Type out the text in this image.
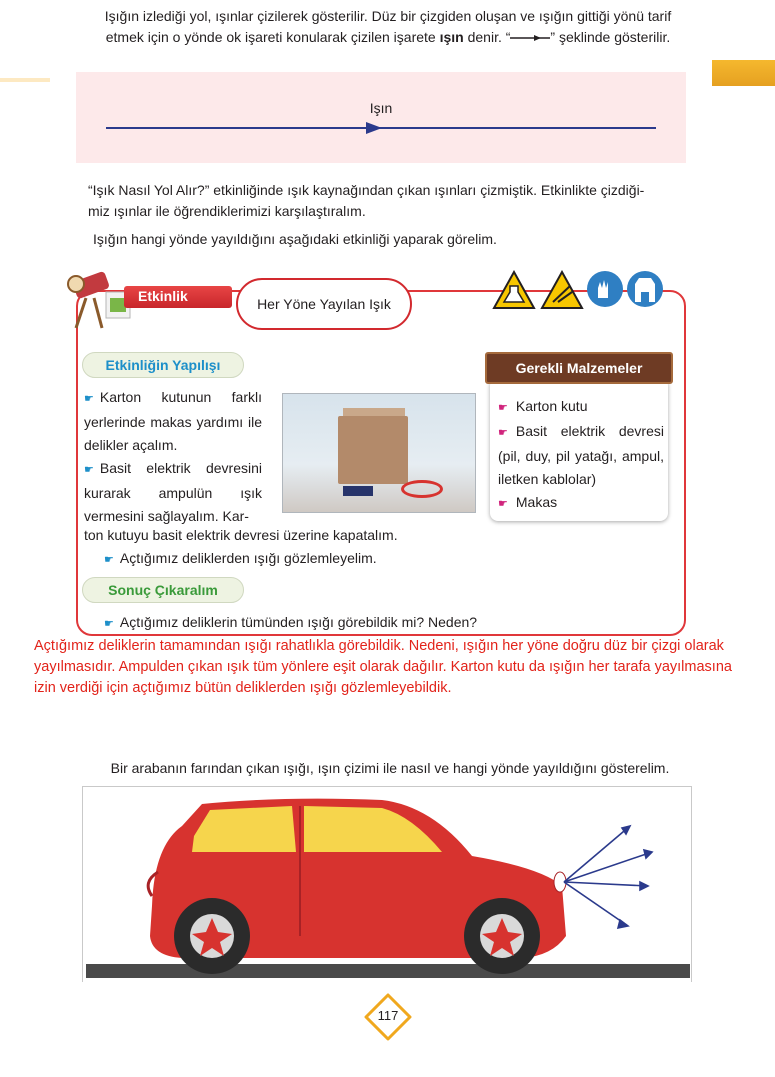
Işığın izlediği yol, ışınlar çizilerek gösterilir. Düz bir çizgiden oluşan ve ışığın gittiği yönü tarif
etmek için o yönde ok işareti konularak çizilen işarete ışın denir. “	” şeklinde gösterilir.
Işın
“Işık Nasıl Yol Alır?” etkinliğinde ışık kaynağından çıkan ışınları çizmiştik. Etkinlikte çizdiği-
miz ışınlar ile öğrendiklerimizi karşılaştıralım.
Işığın hangi yönde yayıldığını aşağıdaki etkinliği yaparak görelim.
Etkinlik	Her Yöne Yayılan Işık
Etkinliğin Yapılışı
☛ Karton kutunun farklı yerlerinde makas yardımı ile delikler açalım.
☛ Basit elektrik devresini kurarak ampulün ışık vermesini sağlayalım. Kar-
ton kutuyu basit elektrik devresi üzerine kapatalım.
☛ Açtığımız deliklerden ışığı gözlemleyelim.
Gerekli Malzemeler
☛ Karton kutu
☛ Basit elektrik devresi (pil, duy, pil yatağı, ampul, iletken kablolar)
☛ Makas
Sonuç Çıkaralım
☛ Açtığımız deliklerin tümünden ışığı görebildik mi? Neden?
Açtığımız deliklerin tamamından ışığı rahatlıkla görebildik. Nedeni, ışığın her yöne doğru düz bir çizgi olarak yayılmasıdır. Ampulden çıkan ışık tüm yönlere eşit olarak dağılır. Karton kutu da ışığın her tarafa yayılmasına izin verdiği için açtığımız bütün deliklerden ışığı gözlemleyebildik.
Bir arabanın farından çıkan ışığı, ışın çizimi ile nasıl ve hangi yönde yayıldığını gösterelim.
117
